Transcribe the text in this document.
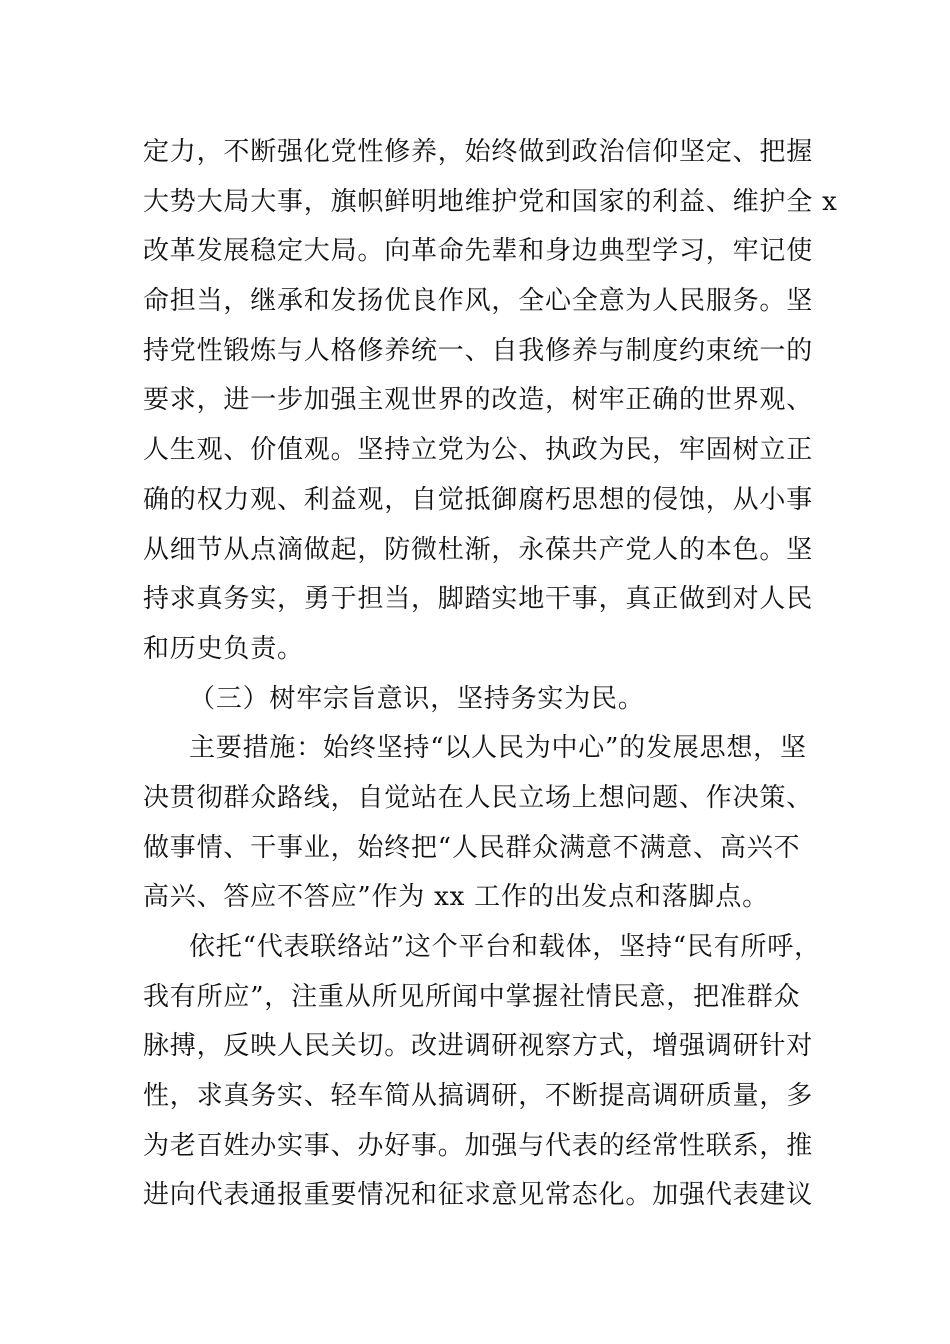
定力，不断强化党性修养，始终做到政治信仰坚定、把握
大势大局大事，旗帜鲜明地维护党和国家的利益、维护全 x
改革发展稳定大局。向革命先辈和身边典型学习，牢记使
命担当，继承和发扬优良作风，全心全意为人民服务。坚
持党性锻炼与人格修养统一、自我修养与制度约束统一的
要求，进一步加强主观世界的改造，树牢正确的世界观、
人生观、价值观。坚持立党为公、执政为民，牢固树立正
确的权力观、利益观，自觉抵御腐朽思想的侵蚀，从小事
从细节从点滴做起，防微杜渐，永葆共产党人的本色。坚
持求真务实，勇于担当，脚踏实地干事，真正做到对人民
和历史负责。
（三）树牢宗旨意识，坚持务实为民。
主要措施：始终坚持“以人民为中心”的发展思想，坚
决贯彻群众路线，自觉站在人民立场上想问题、作决策、
做事情、干事业，始终把“人民群众满意不满意、高兴不
高兴、答应不答应”作为 xx 工作的出发点和落脚点。
依托“代表联络站”这个平台和载体，坚持“民有所呼，
我有所应”，注重从所见所闻中掌握社情民意，把准群众
脉搏，反映人民关切。改进调研视察方式，增强调研针对
性，求真务实、轻车简从搞调研，不断提高调研质量，多
为老百姓办实事、办好事。加强与代表的经常性联系，推
进向代表通报重要情况和征求意见常态化。加强代表建议
